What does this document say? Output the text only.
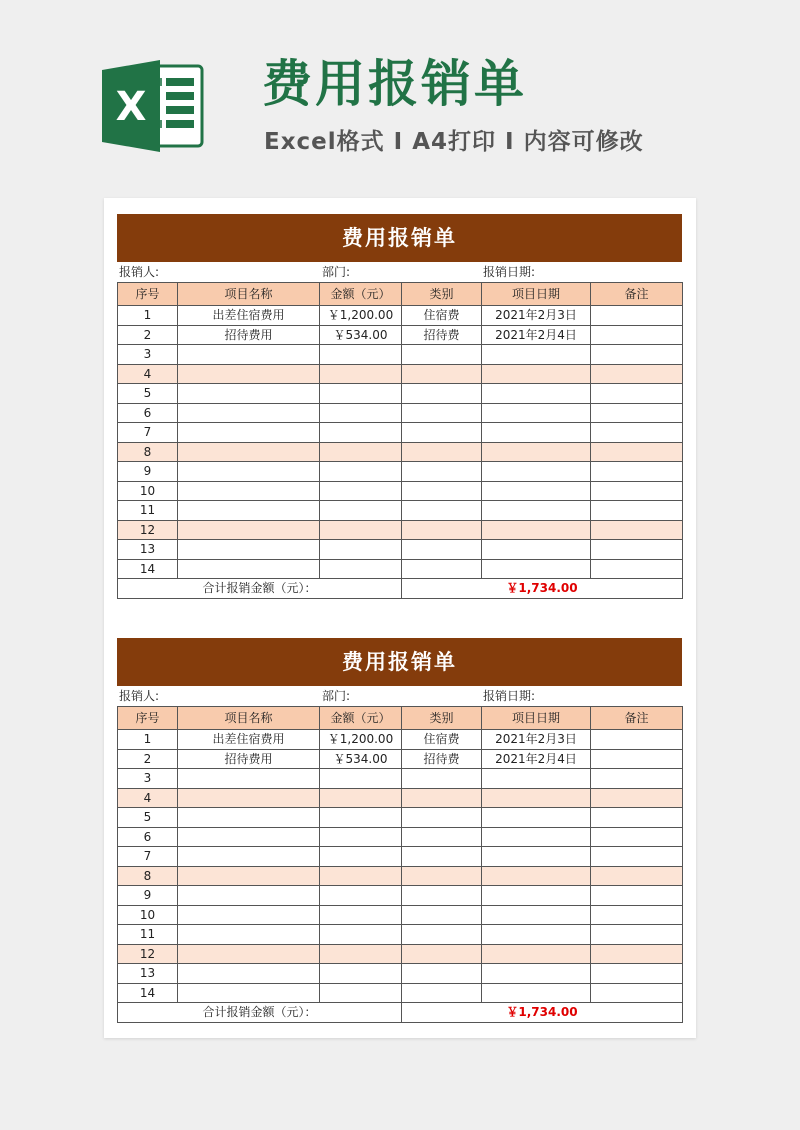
X 费用报销单
Excel格式 I A4打印 I 内容可修改
费用报销单
报销人:	部门:	报销日期:
序号	项目名称	金额（元）	类别	项目日期	备注
1	出差住宿费用	￥1,200.00	住宿费	2021年2月3日	
2	招待费用	￥534.00	招待费	2021年2月4日	
3					
4					
5					
6					
7					
8					
9					
10					
11					
12					
13					
14					
合计报销金额（元）：			￥1,734.00		
费用报销单
报销人:	部门:	报销日期:
序号	项目名称	金额（元）	类别	项目日期	备注
1	出差住宿费用	￥1,200.00	住宿费	2021年2月3日	
2	招待费用	￥534.00	招待费	2021年2月4日	
3					
4					
5					
6					
7					
8					
9					
10					
11					
12					
13					
14					
合计报销金额（元）：			￥1,734.00		
